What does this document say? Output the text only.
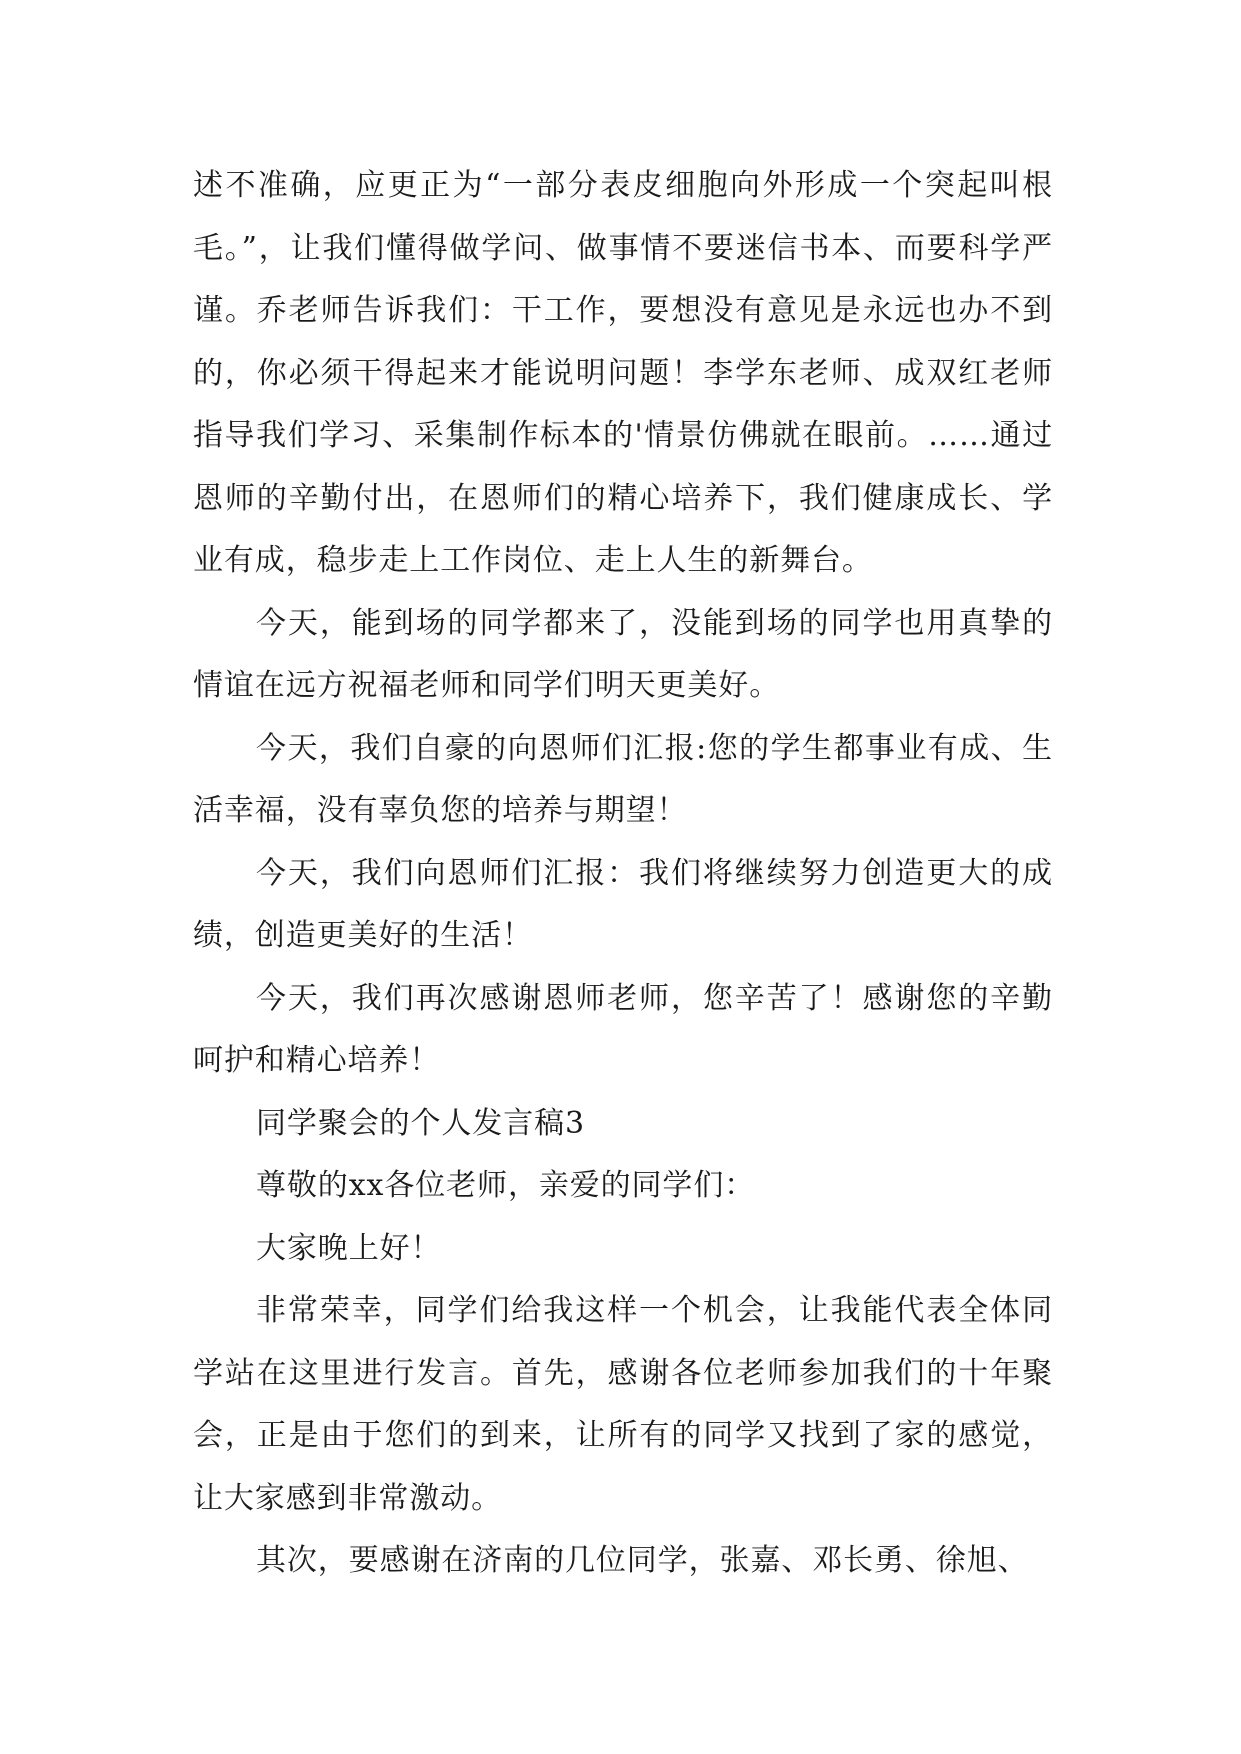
述不准确，应更正为“一部分表皮细胞向外形成一个突起叫根毛。”，让我们懂得做学问、做事情不要迷信书本、而要科学严谨。乔老师告诉我们：干工作，要想没有意见是永远也办不到的，你必须干得起来才能说明问题！李学东老师、成双红老师指导我们学习、采集制作标本的'情景仿佛就在眼前。……通过恩师的辛勤付出，在恩师们的精心培养下，我们健康成长、学业有成，稳步走上工作岗位、走上人生的新舞台。

今天，能到场的同学都来了，没能到场的同学也用真挚的情谊在远方祝福老师和同学们明天更美好。

今天，我们自豪的向恩师们汇报:您的学生都事业有成、生活幸福，没有辜负您的培养与期望！

今天，我们向恩师们汇报：我们将继续努力创造更大的成绩，创造更美好的生活！

今天，我们再次感谢恩师老师，您辛苦了！感谢您的辛勤呵护和精心培养！

同学聚会的个人发言稿3

尊敬的xx各位老师，亲爱的同学们：

大家晚上好！

非常荣幸，同学们给我这样一个机会，让我能代表全体同学站在这里进行发言。首先，感谢各位老师参加我们的十年聚会，正是由于您们的到来，让所有的同学又找到了家的感觉，让大家感到非常激动。

其次，要感谢在济南的几位同学，张嘉、邓长勇、徐旭、
